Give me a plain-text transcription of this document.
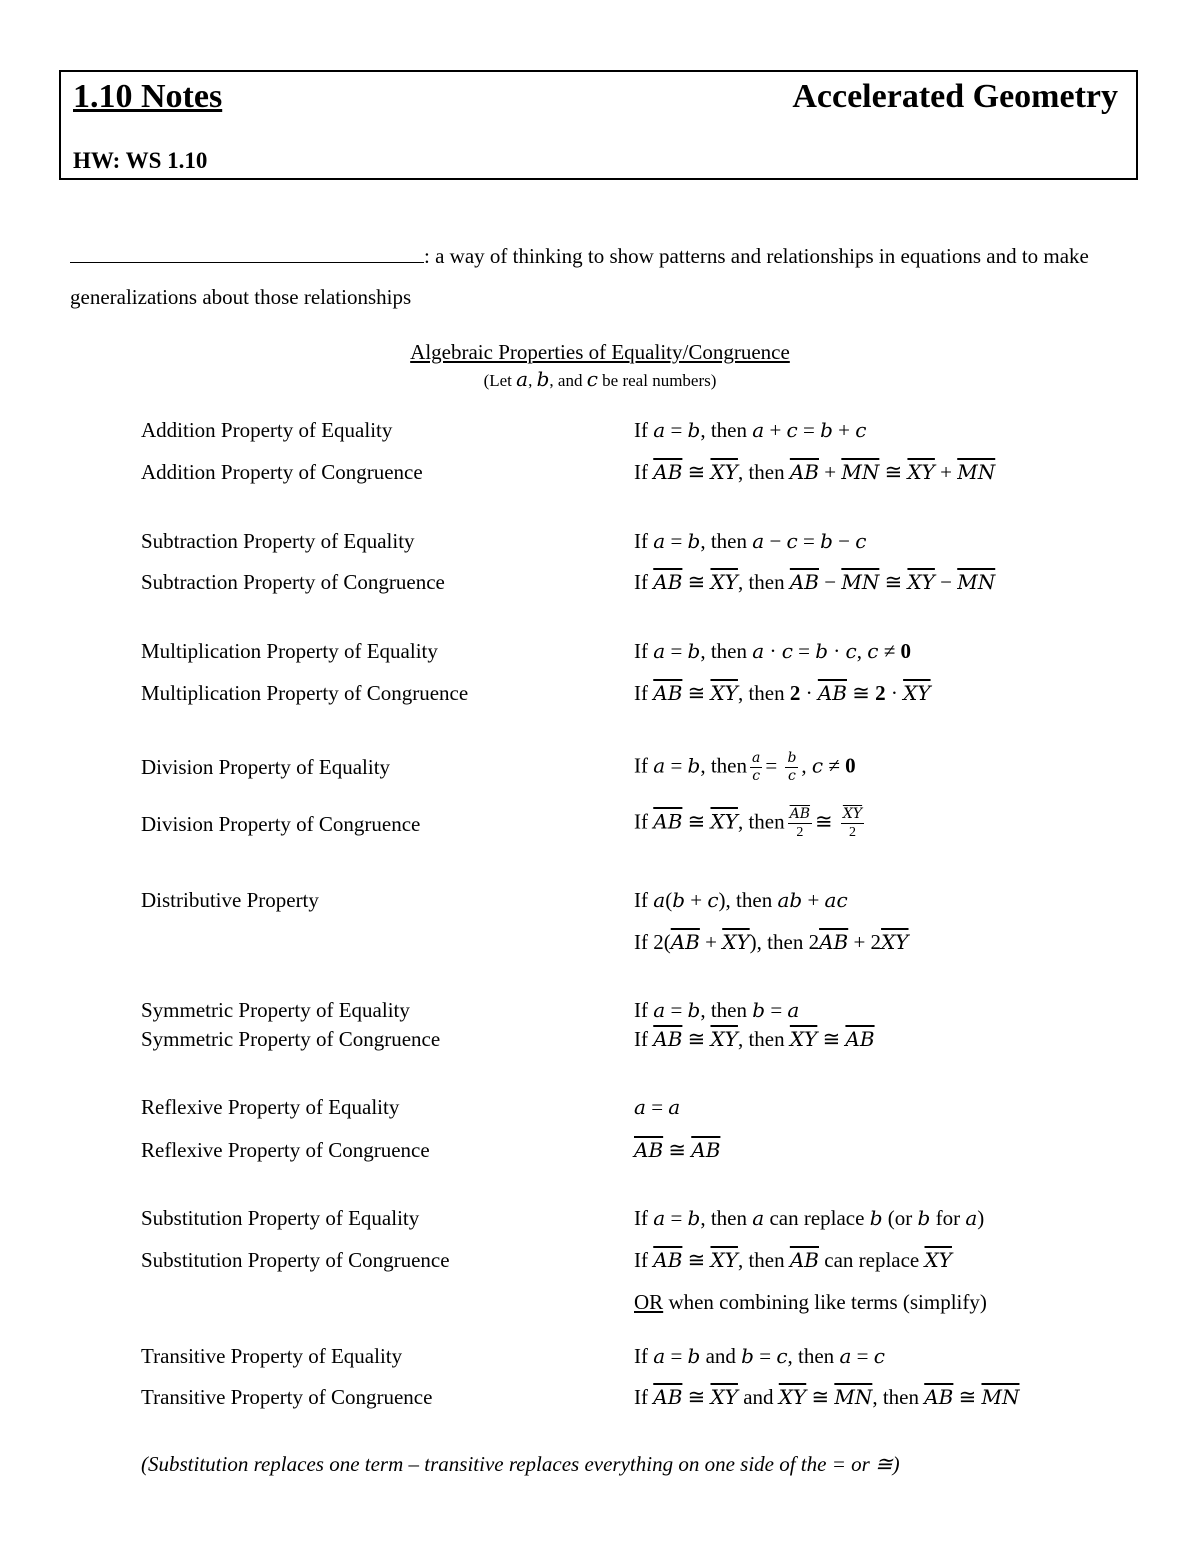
1.10 Notes	Accelerated Geometry
HW: WS 1.10
: a way of thinking to show patterns and relationships in equations and to make generalizations about those relationships
Algebraic Properties of Equality/Congruence
(Let a, b, and c be real numbers)
Addition Property of Equality
Addition Property of Congruence
Subtraction Property of Equality
Subtraction Property of Congruence
Multiplication Property of Equality
Multiplication Property of Congruence
Division Property of Equality
Division Property of Congruence
Distributive Property
Symmetric Property of Equality
Symmetric Property of Congruence
Reflexive Property of Equality
Reflexive Property of Congruence
Substitution Property of Equality
Substitution Property of Congruence
Transitive Property of Equality
Transitive Property of Congruence
If a = b, then a + c = b + c
If $\overline{AB}$ ≅ $\overline{XY}$, then $\overline{AB} + \overline{MN}$ ≅ $\overline{XY} + \overline{MN}$
If a = b, then a − c = b − c
If $\overline{AB}$ ≅ $\overline{XY}$, then $\overline{AB} - \overline{MN}$ ≅ $\overline{XY} - \overline{MN}$
If a = b, then a · c = b · c, c ≠ 0
If $\overline{AB}$ ≅ $\overline{XY}$, then $2 \cdot \overline{AB}$ ≅ $2 \cdot \overline{XY}$
If a = b, then $\frac{a}{c} = \frac{b}{c}$ , c ≠ 0
If $\overline{AB}$ ≅ $\overline{XY}$, then $\frac{\overline{AB}}{2}$ ≅ $\frac{\overline{XY}}{2}$
If a(b + c), then ab + ac
If $2(\overline{AB} + \overline{XY})$, then $2\overline{AB} + 2\overline{XY}$
If a = b, then b = a
If $\overline{AB}$ ≅ $\overline{XY}$, then $\overline{XY}$ ≅ $\overline{AB}$
a = a
$\overline{AB}$ ≅ $\overline{AB}$
If a = b, then a can replace b (or b for a)
If $\overline{AB}$ ≅ $\overline{XY}$, then $\overline{AB}$ can replace $\overline{XY}$
OR when combining like terms (simplify)
If a = b and b = c, then a = c
If $\overline{AB}$ ≅ $\overline{XY}$ and $\overline{XY}$ ≅ $\overline{MN}$, then $\overline{AB}$ ≅ $\overline{MN}$
(Substitution replaces one term – transitive replaces everything on one side of the = or ≅)
